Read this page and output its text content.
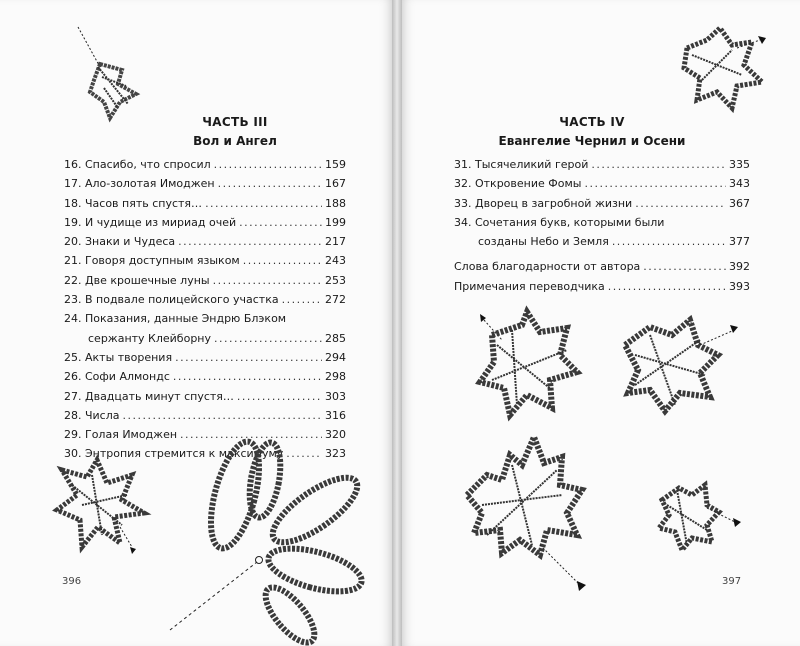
ЧАСТЬ III
Вол и Ангел
16. Спасибо, что спросил .....	159
17. Ало-золотая Имоджен .....	167
18. Часов пять спустя… .....	188
19. И чудище из мириад очей .....	199
20. Знаки и Чудеса .....	217
21. Говоря доступным языком .....	243
22. Две крошечные луны .....	253
23. В подвале полицейского участка .....	272
24. Показания, данные Эндрю Блэком
сержанту Клейборну .....	285
25. Акты творения .....	294
26. Софи Алмондс .....	298
27. Двадцать минут спустя… .....	303
28. Числа .....	316
29. Голая Имоджен .....	320
30. Энтропия стремится к максимуму .....	323
396
ЧАСТЬ IV
Евангелие Чернил и Осени
31. Тысячеликий герой .....	335
32. Откровение Фомы .....	343
33. Дворец в загробной жизни .....	367
34. Сочетания букв, которыми были
созданы Небо и Земля .....	377
Слова благодарности от автора .....	392
Примечания переводчика .....	393
397
